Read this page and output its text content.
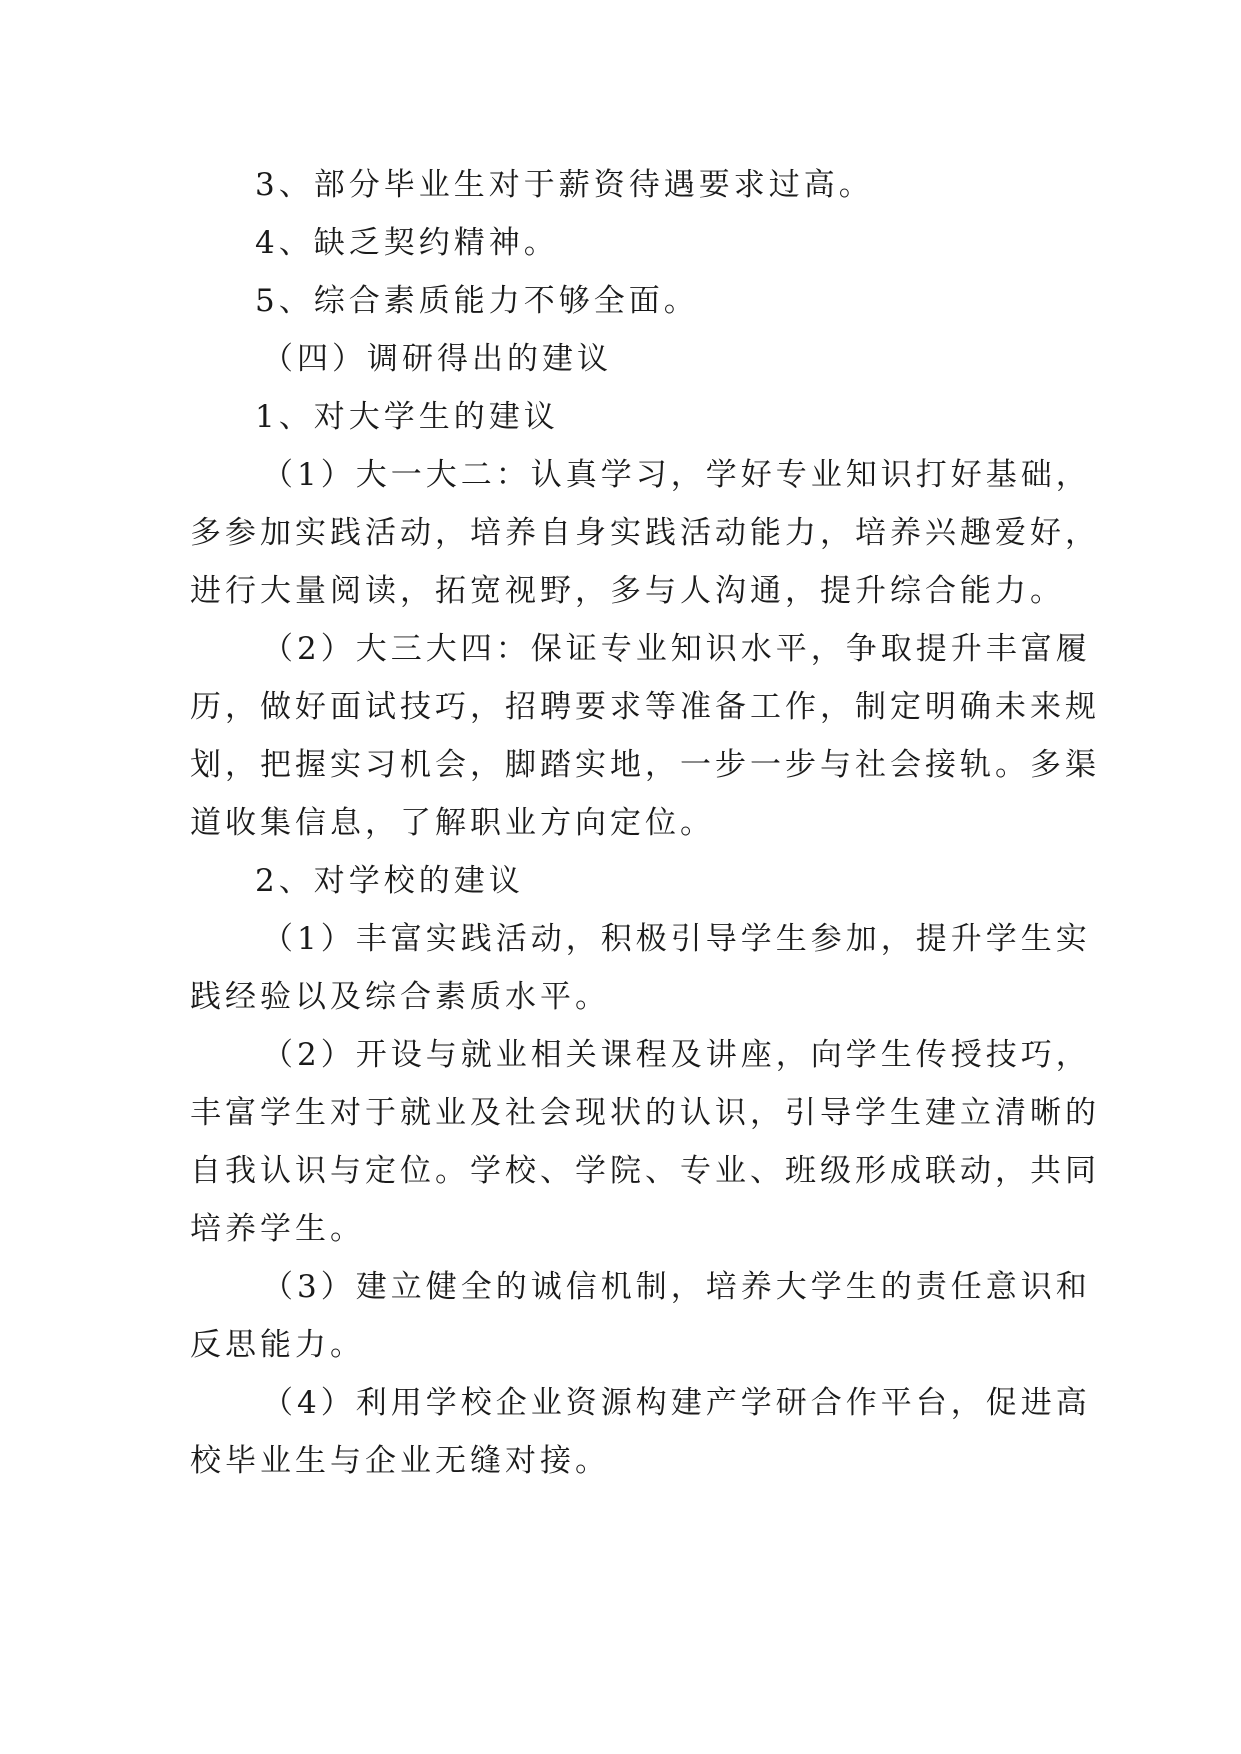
3、部分毕业生对于薪资待遇要求过高。
4、缺乏契约精神。
5、综合素质能力不够全面。
（四）调研得出的建议
1、对大学生的建议
（1）大一大二：认真学习，学好专业知识打好基础，
多参加实践活动，培养自身实践活动能力，培养兴趣爱好，
进行大量阅读，拓宽视野，多与人沟通，提升综合能力。
（2）大三大四：保证专业知识水平，争取提升丰富履
历，做好面试技巧，招聘要求等准备工作，制定明确未来规
划，把握实习机会，脚踏实地，一步一步与社会接轨。多渠
道收集信息，了解职业方向定位。
2、对学校的建议
（1）丰富实践活动，积极引导学生参加，提升学生实
践经验以及综合素质水平。
（2）开设与就业相关课程及讲座，向学生传授技巧，
丰富学生对于就业及社会现状的认识，引导学生建立清晰的
自我认识与定位。学校、学院、专业、班级形成联动，共同
培养学生。
（3）建立健全的诚信机制，培养大学生的责任意识和
反思能力。
（4）利用学校企业资源构建产学研合作平台，促进高
校毕业生与企业无缝对接。
